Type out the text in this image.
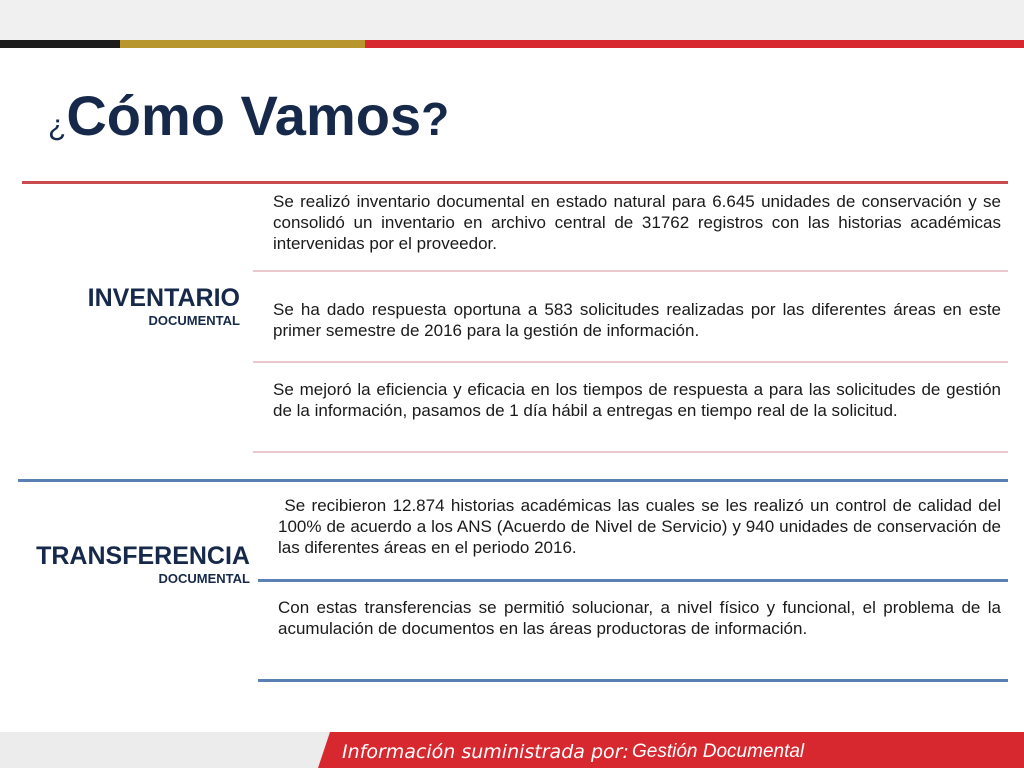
¿Cómo Vamos?
INVENTARIO
DOCUMENTAL
Se realizó inventario documental en estado natural para 6.645 unidades de conservación y se consolidó un inventario en archivo central de 31762 registros con las historias académicas intervenidas por el proveedor.
Se ha dado respuesta oportuna a 583 solicitudes realizadas por las diferentes áreas en este primer semestre de 2016 para la gestión de información.
Se mejoró la eficiencia y eficacia en los tiempos de respuesta a para las solicitudes de gestión de la información, pasamos de 1 día hábil a entregas en tiempo real de la solicitud.
TRANSFERENCIA
DOCUMENTAL
Se recibieron 12.874 historias académicas las cuales se les realizó un control de calidad del 100% de acuerdo a los ANS (Acuerdo de Nivel de Servicio) y 940 unidades de conservación de las diferentes áreas en el periodo 2016.
Con estas transferencias se permitió solucionar, a nivel físico y funcional, el problema de la acumulación de documentos en las áreas productoras de información.
Información suministrada por: Gestión Documental
